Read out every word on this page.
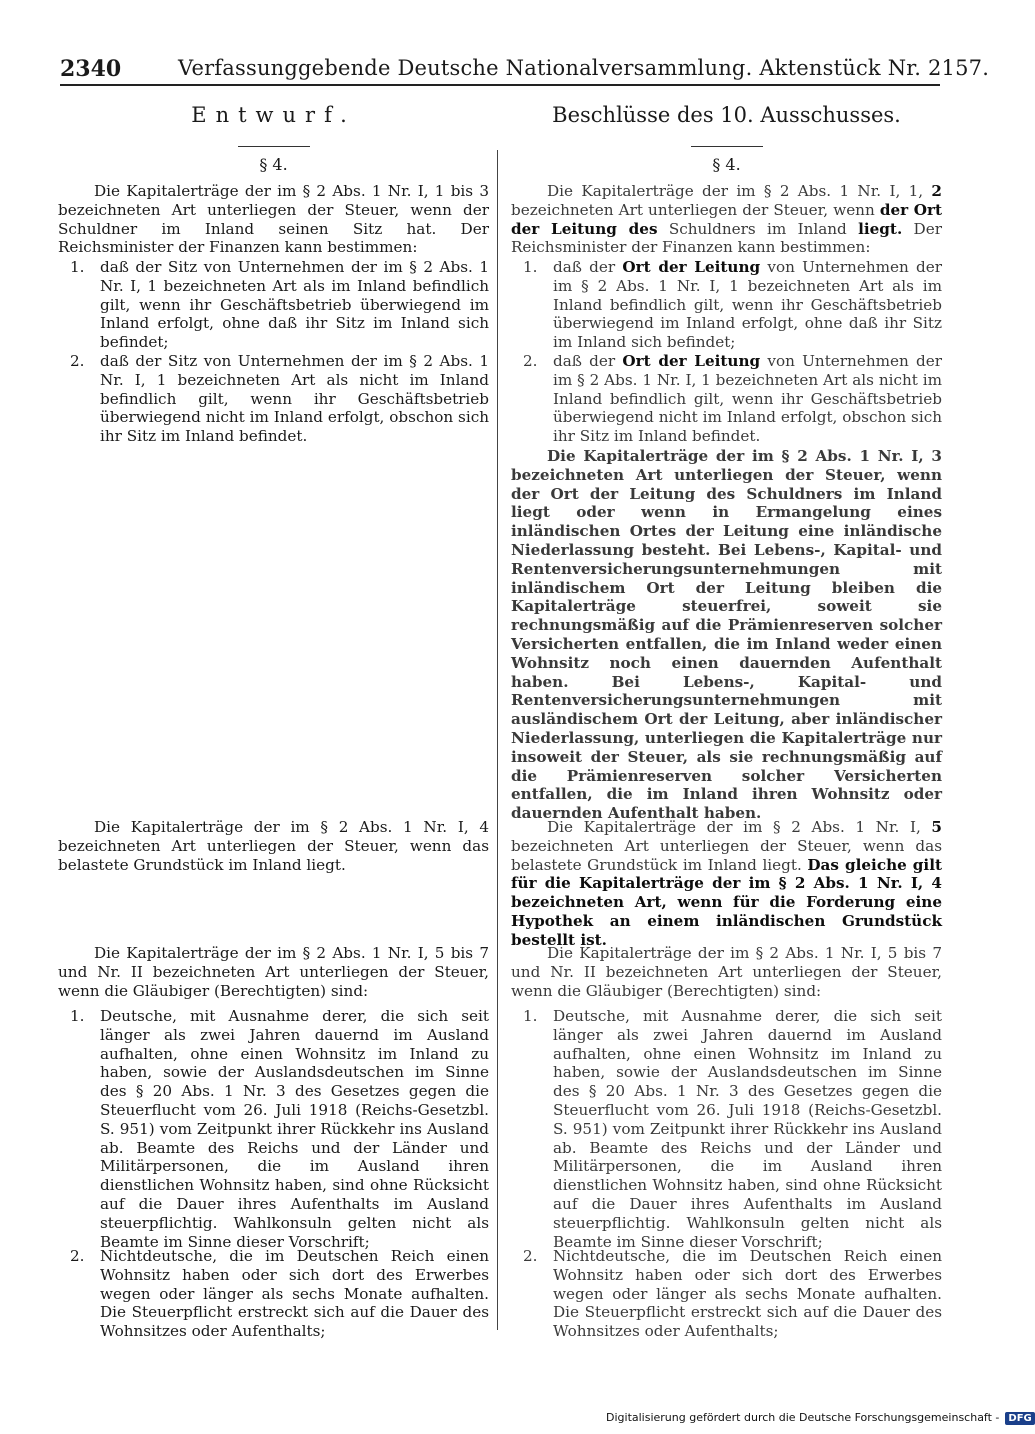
2340	Verfassunggebende Deutsche Nationalversammlung. Aktenstück Nr. 2157.
Entwurf.
§ 4.
Die Kapitalerträge der im § 2 Abs. 1 Nr. I, 1 bis 3 bezeichneten Art unterliegen der Steuer, wenn der Schuldner im Inland seinen Sitz hat. Der Reichsminister der Finanzen kann bestimmen:
1. daß der Sitz von Unternehmen der im § 2 Abs. 1 Nr. I, 1 bezeichneten Art als im Inland befindlich gilt, wenn ihr Geschäftsbetrieb überwiegend im Inland erfolgt, ohne daß ihr Sitz im Inland sich befindet;
2. daß der Sitz von Unternehmen der im § 2 Abs. 1 Nr. I, 1 bezeichneten Art als nicht im Inland befindlich gilt, wenn ihr Geschäftsbetrieb überwiegend nicht im Inland erfolgt, obschon sich ihr Sitz im Inland befindet.
Die Kapitalerträge der im § 2 Abs. 1 Nr. I, 4 bezeichneten Art unterliegen der Steuer, wenn das belastete Grundstück im Inland liegt.
Die Kapitalerträge der im § 2 Abs. 1 Nr. I, 5 bis 7 und Nr. II bezeichneten Art unterliegen der Steuer, wenn die Gläubiger (Berechtigten) sind:
1. Deutsche, mit Ausnahme derer, die sich seit länger als zwei Jahren dauernd im Ausland aufhalten, ohne einen Wohnsitz im Inland zu haben, sowie der Auslandsdeutschen im Sinne des § 20 Abs. 1 Nr. 3 des Gesetzes gegen die Steuerflucht vom 26. Juli 1918 (Reichs-Gesetzbl. S. 951) vom Zeitpunkt ihrer Rückkehr ins Ausland ab. Beamte des Reichs und der Länder und Militärpersonen, die im Ausland ihren dienstlichen Wohnsitz haben, sind ohne Rücksicht auf die Dauer ihres Aufenthalts im Ausland steuerpflichtig. Wahlkonsuln gelten nicht als Beamte im Sinne dieser Vorschrift;
2. Nichtdeutsche, die im Deutschen Reich einen Wohnsitz haben oder sich dort des Erwerbes wegen oder länger als sechs Monate aufhalten. Die Steuerpflicht erstreckt sich auf die Dauer des Wohnsitzes oder Aufenthalts;
Beschlüsse des 10. Ausschusses.
§ 4.
Die Kapitalerträge der im § 2 Abs. 1 Nr. I, 1, 2 bezeichneten Art unterliegen der Steuer, wenn der Ort der Leitung des Schuldners im Inland liegt. Der Reichsminister der Finanzen kann bestimmen:
1. daß der Ort der Leitung von Unternehmen der im § 2 Abs. 1 Nr. I, 1 bezeichneten Art als im Inland befindlich gilt, wenn ihr Geschäftsbetrieb überwiegend im Inland erfolgt, ohne daß ihr Sitz im Inland sich befindet;
2. daß der Ort der Leitung von Unternehmen der im § 2 Abs. 1 Nr. I, 1 bezeichneten Art als nicht im Inland befindlich gilt, wenn ihr Geschäftsbetrieb überwiegend nicht im Inland erfolgt, obschon sich ihr Sitz im Inland befindet.
Die Kapitalerträge der im § 2 Abs. 1 Nr. I, 3 bezeichneten Art unterliegen der Steuer, wenn der Ort der Leitung des Schuldners im Inland liegt oder wenn in Ermangelung eines inländischen Ortes der Leitung eine inländische Niederlassung besteht. Bei Lebens-, Kapital- und Rentenversicherungsunternehmungen mit inländischem Ort der Leitung bleiben die Kapitalerträge steuerfrei, soweit sie rechnungsmäßig auf die Prämienreserven solcher Versicherten entfallen, die im Inland weder einen Wohnsitz noch einen dauernden Aufenthalt haben. Bei Lebens-, Kapital- und Rentenversicherungsunternehmungen mit ausländischem Ort der Leitung, aber inländischer Niederlassung, unterliegen die Kapitalerträge nur insoweit der Steuer, als sie rechnungsmäßig auf die Prämienreserven solcher Versicherten entfallen, die im Inland ihren Wohnsitz oder dauernden Aufenthalt haben.
Die Kapitalerträge der im § 2 Abs. 1 Nr. I, 5 bezeichneten Art unterliegen der Steuer, wenn das belastete Grundstück im Inland liegt. Das gleiche gilt für die Kapitalerträge der im § 2 Abs. 1 Nr. I, 4 bezeichneten Art, wenn für die Forderung eine Hypothek an einem inländischen Grundstück bestellt ist.
Die Kapitalerträge der im § 2 Abs. 1 Nr. I, 5 bis 7 und Nr. II bezeichneten Art unterliegen der Steuer, wenn die Gläubiger (Berechtigten) sind:
1. Deutsche, mit Ausnahme derer, die sich seit länger als zwei Jahren dauernd im Ausland aufhalten, ohne einen Wohnsitz im Inland zu haben, sowie der Auslandsdeutschen im Sinne des § 20 Abs. 1 Nr. 3 des Gesetzes gegen die Steuerflucht vom 26. Juli 1918 (Reichs-Gesetzbl. S. 951) vom Zeitpunkt ihrer Rückkehr ins Ausland ab. Beamte des Reichs und der Länder und Militärpersonen, die im Ausland ihren dienstlichen Wohnsitz haben, sind ohne Rücksicht auf die Dauer ihres Aufenthalts im Ausland steuerpflichtig. Wahlkonsuln gelten nicht als Beamte im Sinne dieser Vorschrift;
2. Nichtdeutsche, die im Deutschen Reich einen Wohnsitz haben oder sich dort des Erwerbes wegen oder länger als sechs Monate aufhalten. Die Steuerpflicht erstreckt sich auf die Dauer des Wohnsitzes oder Aufenthalts;
Digitalisierung gefördert durch die Deutsche Forschungsgemeinschaft - DFG
